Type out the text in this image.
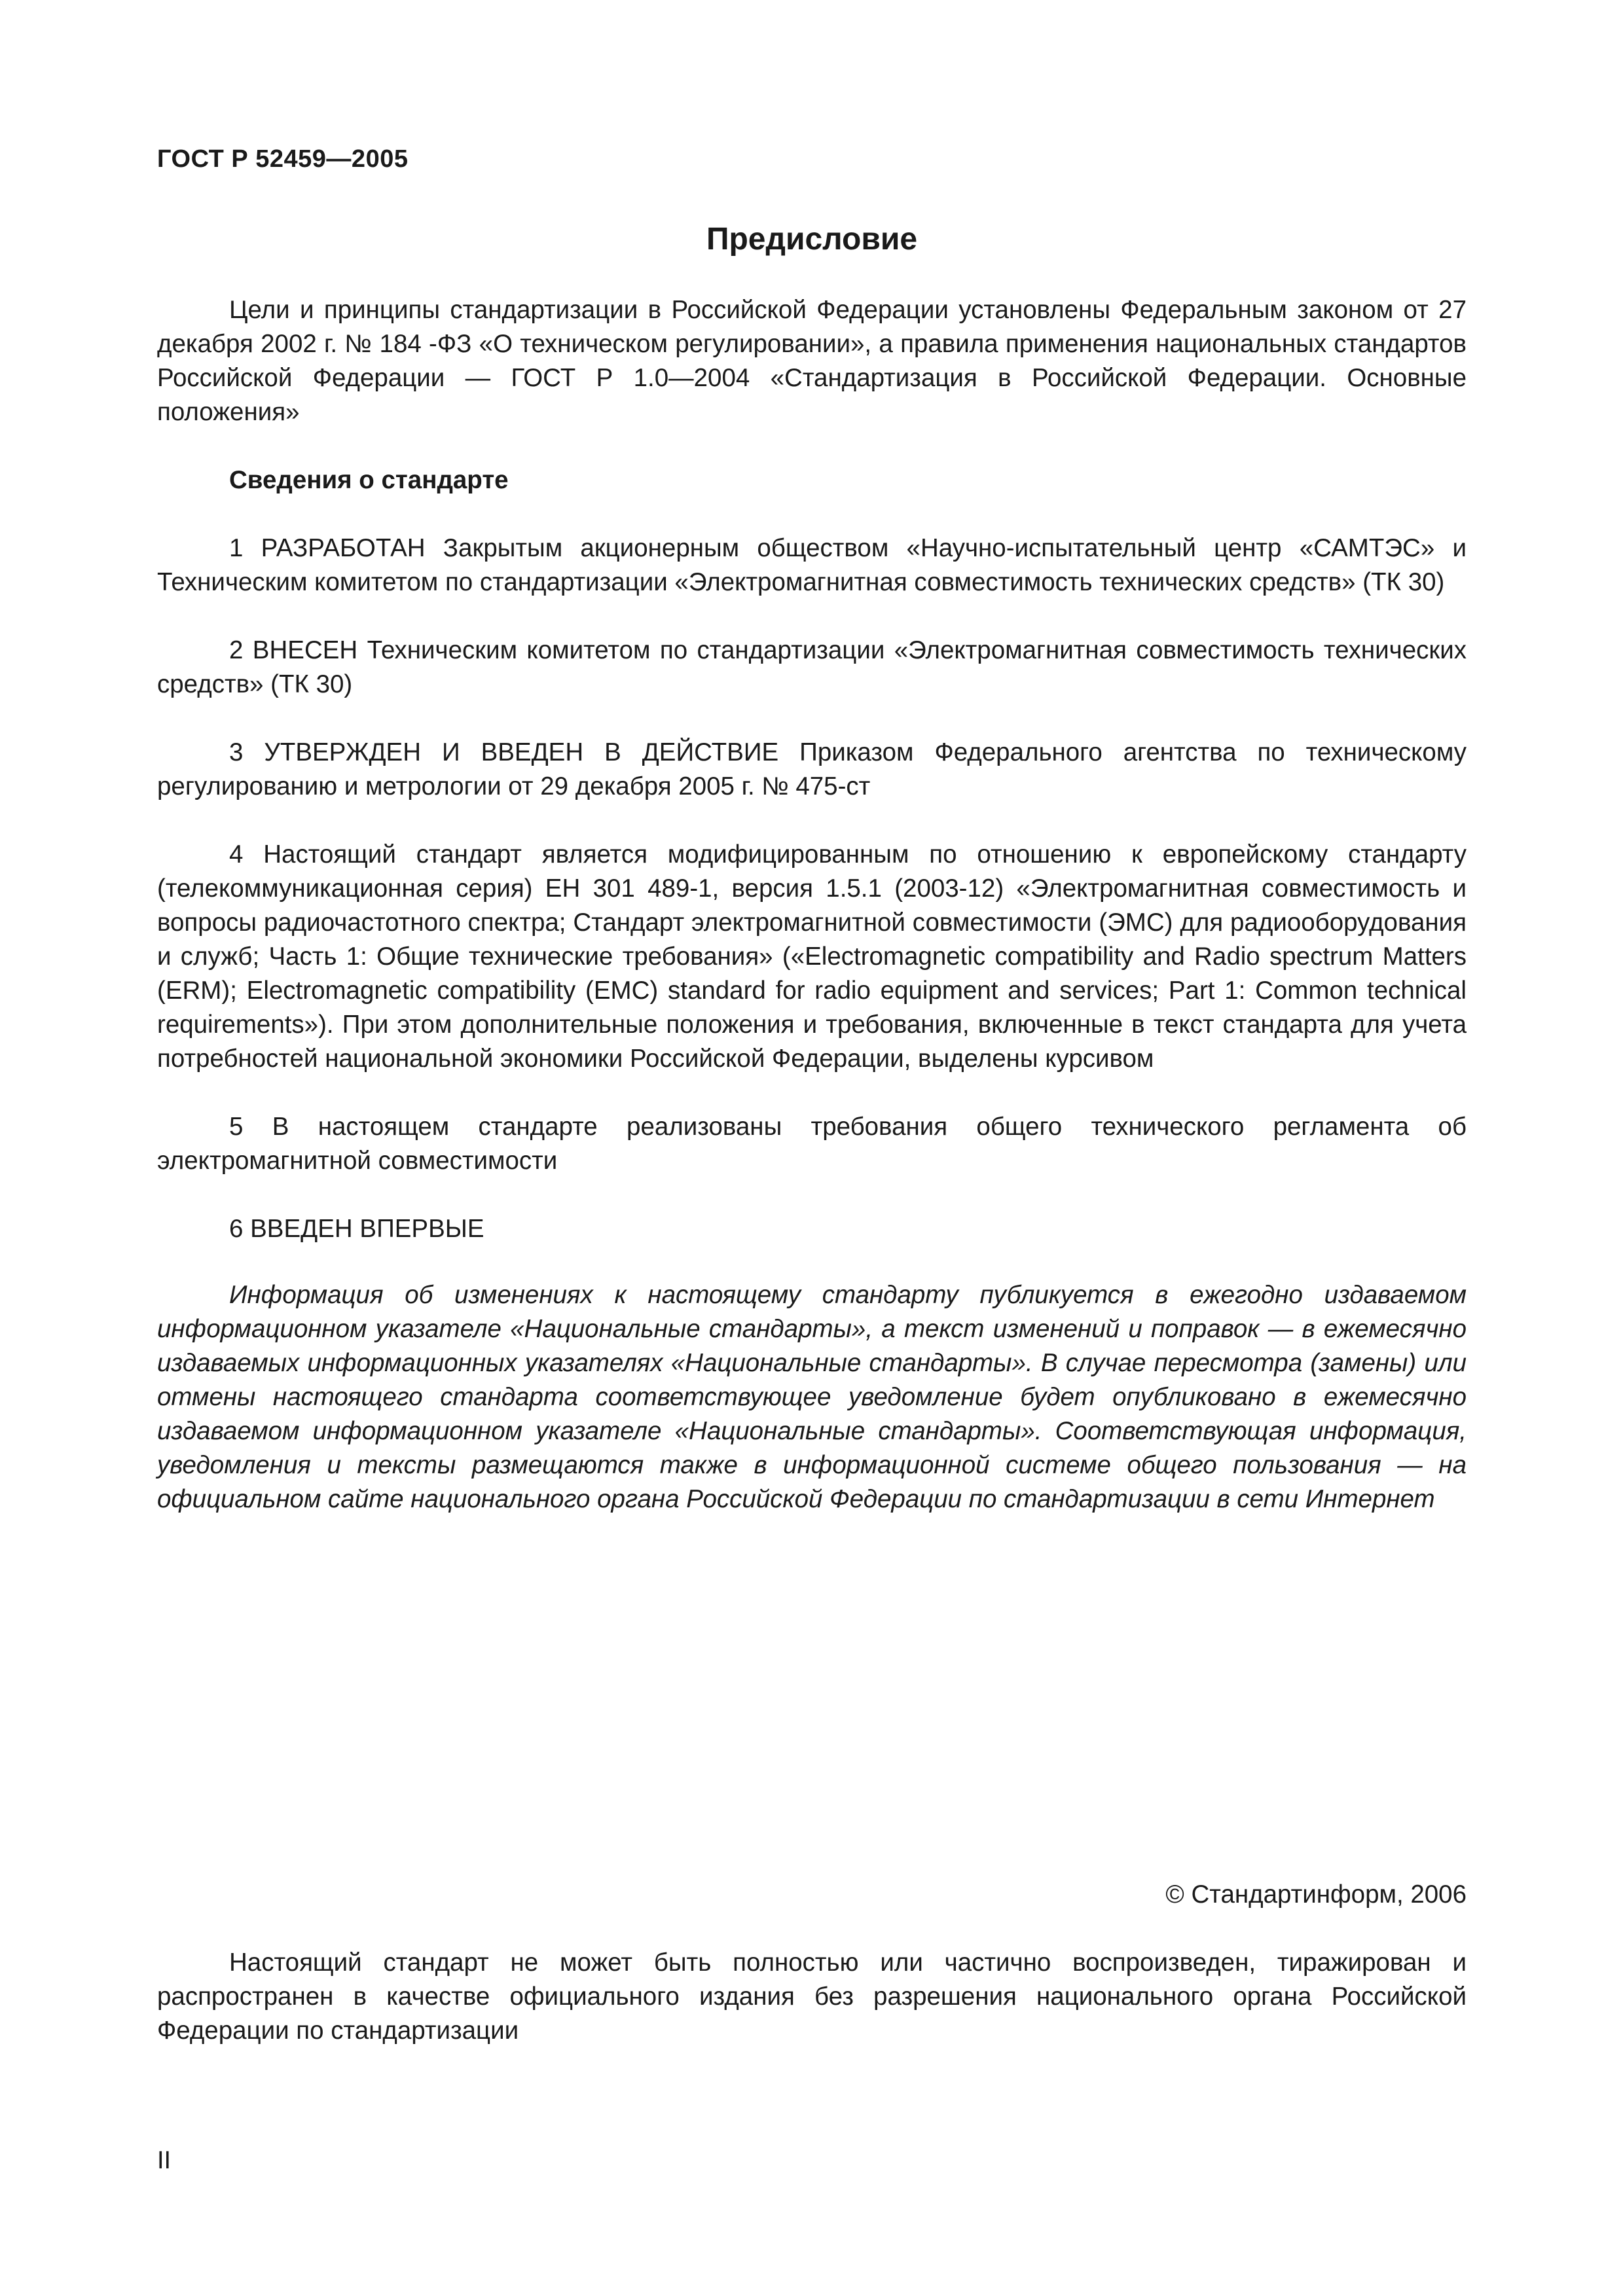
ГОСТ Р 52459—2005
Предисловие

Цели и принципы стандартизации в Российской Федерации установлены Федеральным законом от 27 декабря 2002 г. № 184 -ФЗ «О техническом регулировании», а правила применения национальных стандартов Российской Федерации — ГОСТ Р 1.0—2004 «Стандартизация в Российской Федерации. Основные положения»

Сведения о стандарте

1 РАЗРАБОТАН Закрытым акционерным обществом «Научно-испытательный центр «САМТЭС» и Техническим комитетом по стандартизации «Электромагнитная совместимость технических средств» (ТК 30)

2 ВНЕСЕН Техническим комитетом по стандартизации «Электромагнитная совместимость технических средств» (ТК 30)

3 УТВЕРЖДЕН И ВВЕДЕН В ДЕЙСТВИЕ Приказом Федерального агентства по техническому регулированию и метрологии от 29 декабря 2005 г. № 475-ст

4 Настоящий стандарт является модифицированным по отношению к европейскому стандарту (телекоммуникационная серия) ЕН 301 489-1, версия 1.5.1 (2003-12) «Электромагнитная совместимость и вопросы радиочастотного спектра; Стандарт электромагнитной совместимости (ЭМС) для радиооборудования и служб; Часть 1: Общие технические требования» («Electromagnetic compatibility and Radio spectrum Matters (ERM); Electromagnetic compatibility (EMC) standard for radio equipment and services; Part 1: Common technical requirements»). При этом дополнительные положения и требования, включенные в текст стандарта для учета потребностей национальной экономики Российской Федерации, выделены курсивом

5 В настоящем стандарте реализованы требования общего технического регламента об электромагнитной совместимости

6 ВВЕДЕН ВПЕРВЫЕ

Информация об изменениях к настоящему стандарту публикуется в ежегодно издаваемом информационном указателе «Национальные стандарты», а текст изменений и поправок — в ежемесячно издаваемых информационных указателях «Национальные стандарты». В случае пересмотра (замены) или отмены настоящего стандарта соответствующее уведомление будет опубликовано в ежемесячно издаваемом информационном указателе «Национальные стандарты». Соответствующая информация, уведомления и тексты размещаются также в информационной системе общего пользования — на официальном сайте национального органа Российской Федерации по стандартизации в сети Интернет

© Стандартинформ, 2006

Настоящий стандарт не может быть полностью или частично воспроизведен, тиражирован и распространен в качестве официального издания без разрешения национального органа Российской Федерации по стандартизации

II
